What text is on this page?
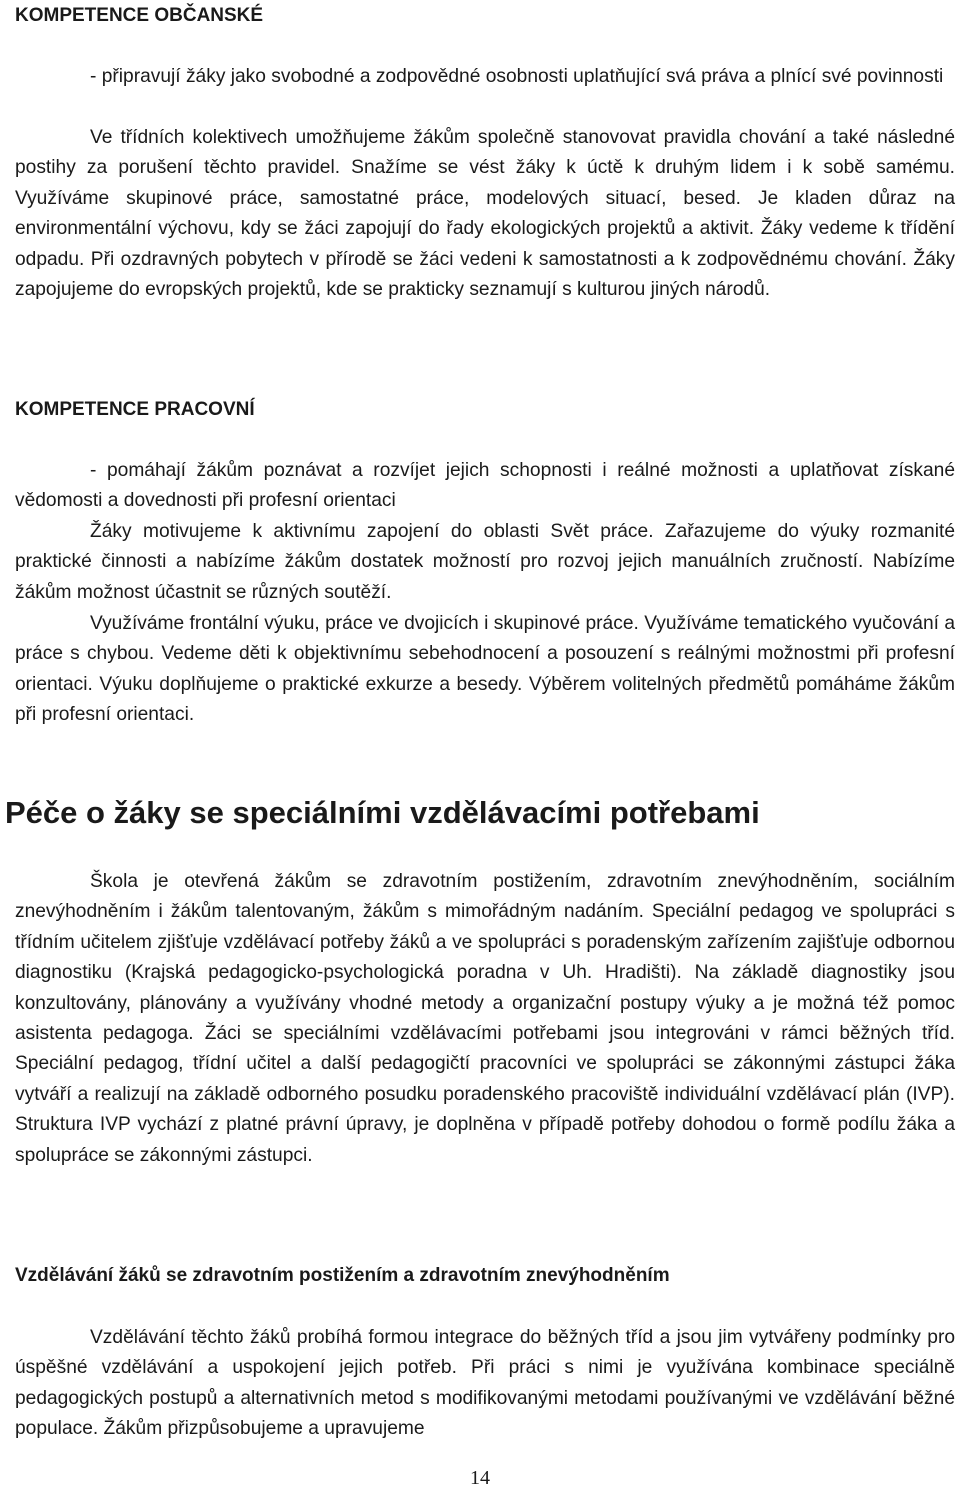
KOMPETENCE OBČANSKÉ

- připravují žáky jako svobodné a zodpovědné osobnosti uplatňující svá práva a plnící své povinnosti

Ve třídních kolektivech umožňujeme žákům společně stanovovat pravidla chování a také následné postihy za porušení těchto pravidel. Snažíme se vést žáky k úctě k druhým lidem i k sobě samému. Využíváme skupinové práce, samostatné práce, modelových situací, besed. Je kladen důraz na environmentální výchovu, kdy se žáci zapojují do řady ekologických projektů a aktivit. Žáky vedeme k třídění odpadu. Při ozdravných pobytech v přírodě se žáci vedeni k samostatnosti a k zodpovědnému chování. Žáky zapojujeme do evropských projektů, kde se prakticky seznamují s kulturou jiných národů.

KOMPETENCE PRACOVNÍ

- pomáhají žákům poznávat a rozvíjet jejich schopnosti i reálné možnosti a uplatňovat získané vědomosti a dovednosti při profesní orientaci

Žáky motivujeme k aktivnímu zapojení do oblasti Svět práce. Zařazujeme do výuky rozmanité praktické činnosti a nabízíme žákům dostatek možností pro rozvoj jejich manuálních zručností. Nabízíme žákům možnost účastnit se různých soutěží.

Využíváme frontální výuku, práce ve dvojicích i skupinové práce. Využíváme tematického vyučování a práce s chybou. Vedeme děti k objektivnímu sebehodnocení a posouzení s reálnými možnostmi při profesní orientaci. Výuku doplňujeme o praktické exkurze a besedy. Výběrem volitelných předmětů pomáháme žákům při profesní orientaci.

Péče o žáky se speciálními vzdělávacími potřebami

Škola je otevřená žákům se zdravotním postižením, zdravotním znevýhodněním, sociálním znevýhodněním i žákům talentovaným, žákům s mimořádným nadáním. Speciální pedagog ve spolupráci s třídním učitelem zjišťuje vzdělávací potřeby žáků a ve spolupráci s poradenským zařízením zajišťuje odbornou diagnostiku (Krajská pedagogicko-psychologická poradna v Uh. Hradišti). Na základě diagnostiky jsou konzultovány, plánovány a využívány vhodné metody a organizační postupy výuky a je možná též pomoc asistenta pedagoga. Žáci se speciálními vzdělávacími potřebami jsou integrováni v rámci běžných tříd. Speciální pedagog, třídní učitel a další pedagogičtí pracovníci ve spolupráci se zákonnými zástupci žáka vytváří a realizují na základě odborného posudku poradenského pracoviště individuální vzdělávací plán (IVP). Struktura IVP vychází z platné právní úpravy, je doplněna v případě potřeby dohodou o formě podílu žáka a spolupráce se zákonnými zástupci.

Vzdělávání žáků se zdravotním postižením a zdravotním znevýhodněním

Vzdělávání těchto žáků probíhá formou integrace do běžných tříd a jsou jim vytvářeny podmínky pro úspěšné vzdělávání a uspokojení jejich potřeb. Při práci s nimi je využívána kombinace speciálně pedagogických postupů a alternativních metod s modifikovanými metodami používanými ve vzdělávání běžné populace. Žákům přizpůsobujeme a upravujeme

14
